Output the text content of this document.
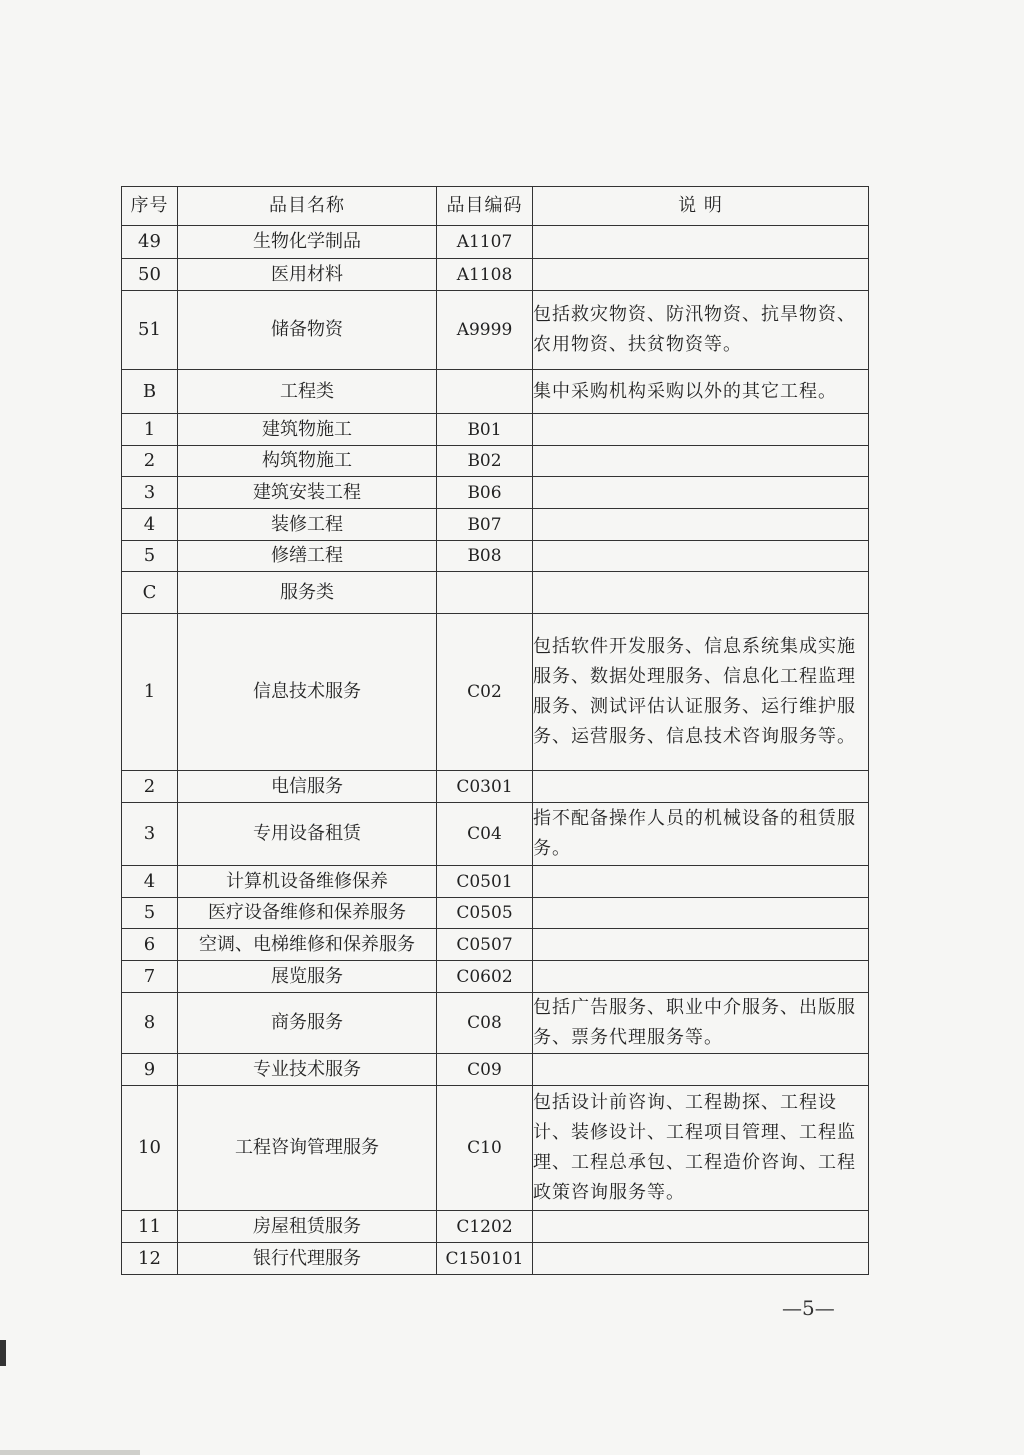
序号	品目名称	品目编码	说 明
49	生物化学制品	A1107	
50	医用材料	A1108	
51	储备物资	A9999	包括救灾物资、防汛物资、抗旱物资、农用物资、扶贫物资等。
B	工程类		集中采购机构采购以外的其它工程。
1	建筑物施工	B01	
2	构筑物施工	B02	
3	建筑安装工程	B06	
4	装修工程	B07	
5	修缮工程	B08	
C	服务类		
1	信息技术服务	C02	包括软件开发服务、信息系统集成实施服务、数据处理服务、信息化工程监理服务、测试评估认证服务、运行维护服务、运营服务、信息技术咨询服务等。
2	电信服务	C0301	
3	专用设备租赁	C04	指不配备操作人员的机械设备的租赁服务。
4	计算机设备维修保养	C0501	
5	医疗设备维修和保养服务	C0505	
6	空调、电梯维修和保养服务	C0507	
7	展览服务	C0602	
8	商务服务	C08	包括广告服务、职业中介服务、出版服务、票务代理服务等。
9	专业技术服务	C09	
10	工程咨询管理服务	C10	包括设计前咨询、工程勘探、工程设计、装修设计、工程项目管理、工程监理、工程总承包、工程造价咨询、工程政策咨询服务等。
11	房屋租赁服务	C1202	
12	银行代理服务	C150101	
—5—
